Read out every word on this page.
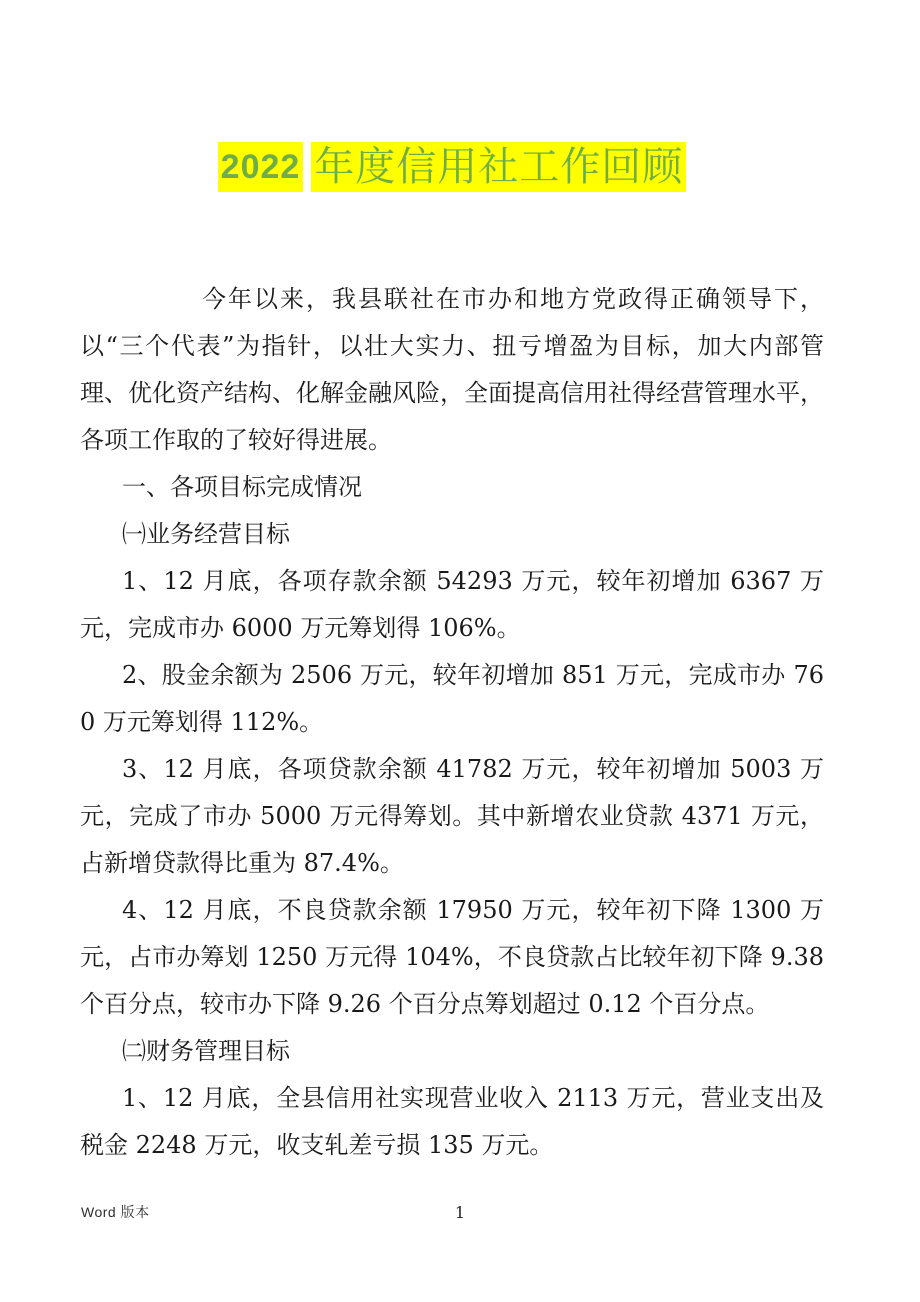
2022 年度信用社工作回顾

今年以来，我县联社在市办和地方党政得正确领导下，以“三个代表”为指针，以壮大实力、扭亏增盈为目标，加大内部管理、优化资产结构、化解金融风险，全面提高信用社得经营管理水平，各项工作取的了较好得进展。

一、各项目标完成情况

㈠业务经营目标

1、12 月底，各项存款余额 54293 万元，较年初增加 6367 万元，完成市办 6000 万元筹划得 106%。

2、股金余额为 2506 万元，较年初增加 851 万元，完成市办 760 万元筹划得 112%。

3、12 月底，各项贷款余额 41782 万元，较年初增加 5003 万元，完成了市办 5000 万元得筹划。其中新增农业贷款 4371 万元，占新增贷款得比重为 87.4%。

4、12 月底，不良贷款余额 17950 万元，较年初下降 1300 万元，占市办筹划 1250 万元得 104%，不良贷款占比较年初下降 9.38 个百分点，较市办下降 9.26 个百分点筹划超过 0.12 个百分点。

㈡财务管理目标

1、12 月底，全县信用社实现营业收入 2113 万元，营业支出及税金 2248 万元，收支轧差亏损 135 万元。

Word 版本	1
